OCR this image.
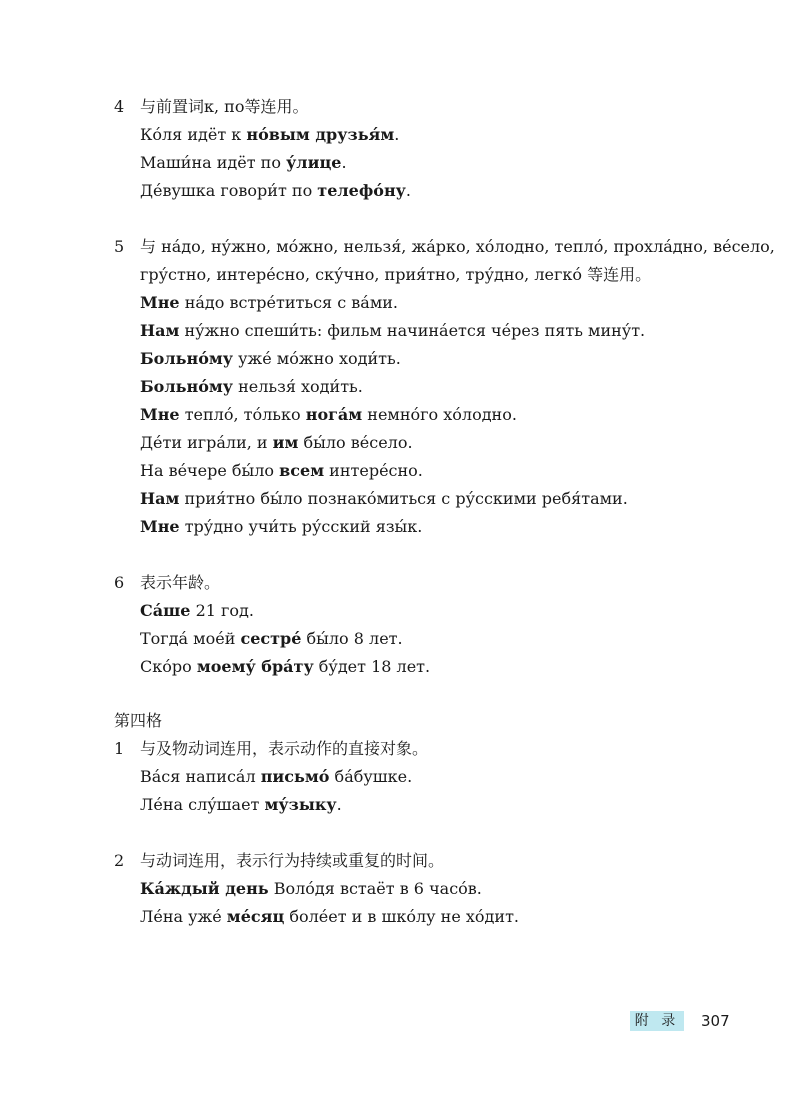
4 与前置词к, по等连用。
Ко́ля идёт к но́вым друзья́м.
Маши́на идёт по у́лице.
Де́вушка говори́т по телефо́ну.
5 与 на́до, ну́жно, мо́жно, нельзя́, жа́рко, хо́лодно, тепло́, прохла́дно, ве́село,
гру́стно, интере́сно, ску́чно, прия́тно, тру́дно, легко́ 等连用。
Мне на́до встре́титься с ва́ми.
Нам ну́жно спеши́ть: фильм начина́ется че́рез пять мину́т.
Больно́му уже́ мо́жно ходи́ть.
Больно́му нельзя́ ходи́ть.
Мне тепло́, то́лько нога́м немно́го хо́лодно.
Де́ти игра́ли, и им бы́ло ве́село.
На ве́чере бы́ло всем интере́сно.
Нам прия́тно бы́ло познако́миться с ру́сскими ребя́тами.
Мне тру́дно учи́ть ру́сский язы́к.
6 表示年龄。
Са́ше 21 год.
Тогда́ мое́й сестре́ бы́ло 8 лет.
Ско́ро моему́ бра́ту бу́дет 18 лет.
第四格
1 与及物动词连用，表示动作的直接对象。
Ва́ся написа́л письмо́ ба́бушке.
Ле́на слу́шает му́зыку.
2 与动词连用，表示行为持续或重复的时间。
Ка́ждый день Воло́дя встаёт в 6 часо́в.
Ле́на уже́ ме́сяц боле́ет и в шко́лу не хо́дит.
附 录	307
